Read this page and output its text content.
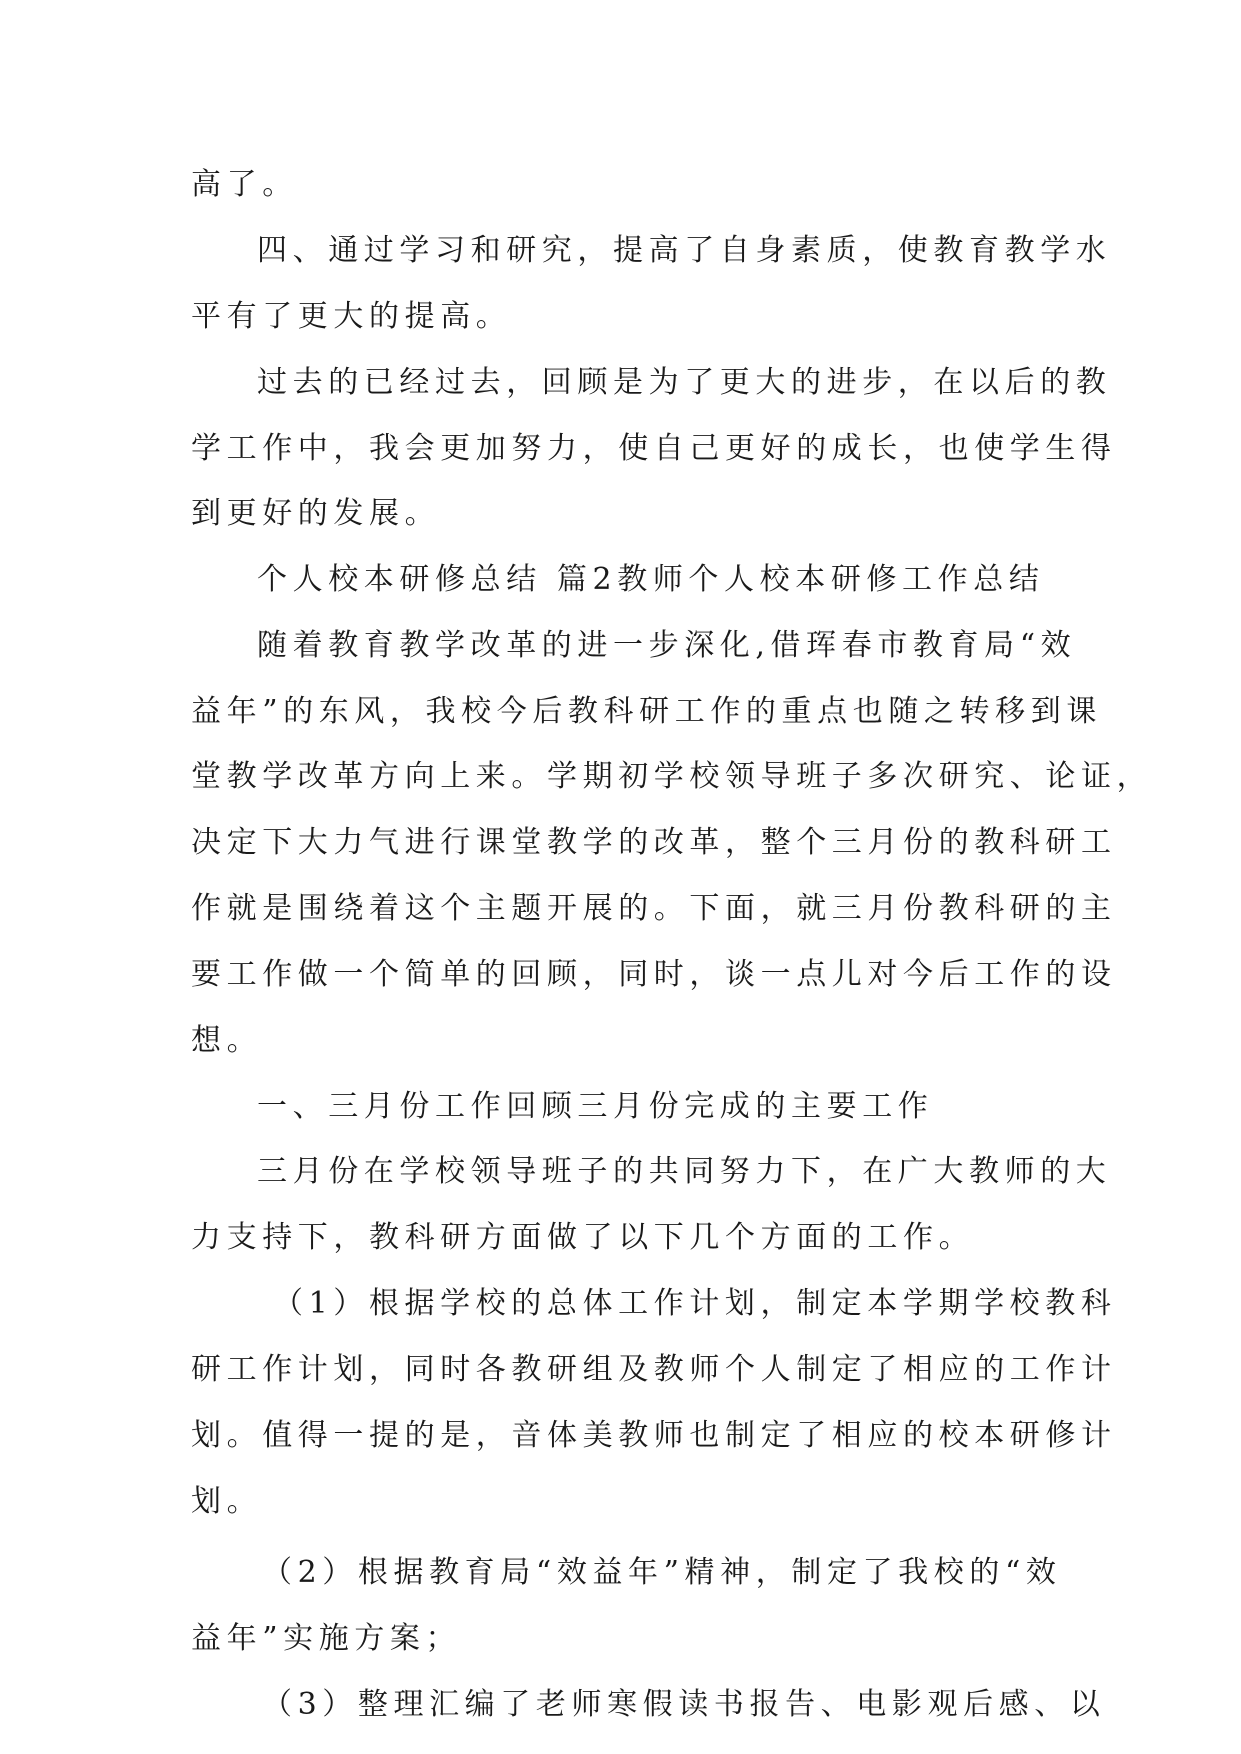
高了。
四、通过学习和研究，提高了自身素质，使教育教学水
平有了更大的提高。
过去的已经过去，回顾是为了更大的进步，在以后的教
学工作中，我会更加努力，使自己更好的成长，也使学生得
到更好的发展。
个人校本研修总结 篇2教师个人校本研修工作总结
随着教育教学改革的进一步深化,借珲春市教育局“效
益年”的东风，我校今后教科研工作的重点也随之转移到课
堂教学改革方向上来。学期初学校领导班子多次研究、论证，
决定下大力气进行课堂教学的改革，整个三月份的教科研工
作就是围绕着这个主题开展的。下面，就三月份教科研的主
要工作做一个简单的回顾，同时，谈一点儿对今后工作的设
想。
一、三月份工作回顾三月份完成的主要工作
三月份在学校领导班子的共同努力下，在广大教师的大
力支持下，教科研方面做了以下几个方面的工作。
（1）根据学校的总体工作计划，制定本学期学校教科
研工作计划，同时各教研组及教师个人制定了相应的工作计
划。值得一提的是，音体美教师也制定了相应的校本研修计
划。
（2）根据教育局“效益年”精神，制定了我校的“效
益年”实施方案；
（3）整理汇编了老师寒假读书报告、电影观后感、以
